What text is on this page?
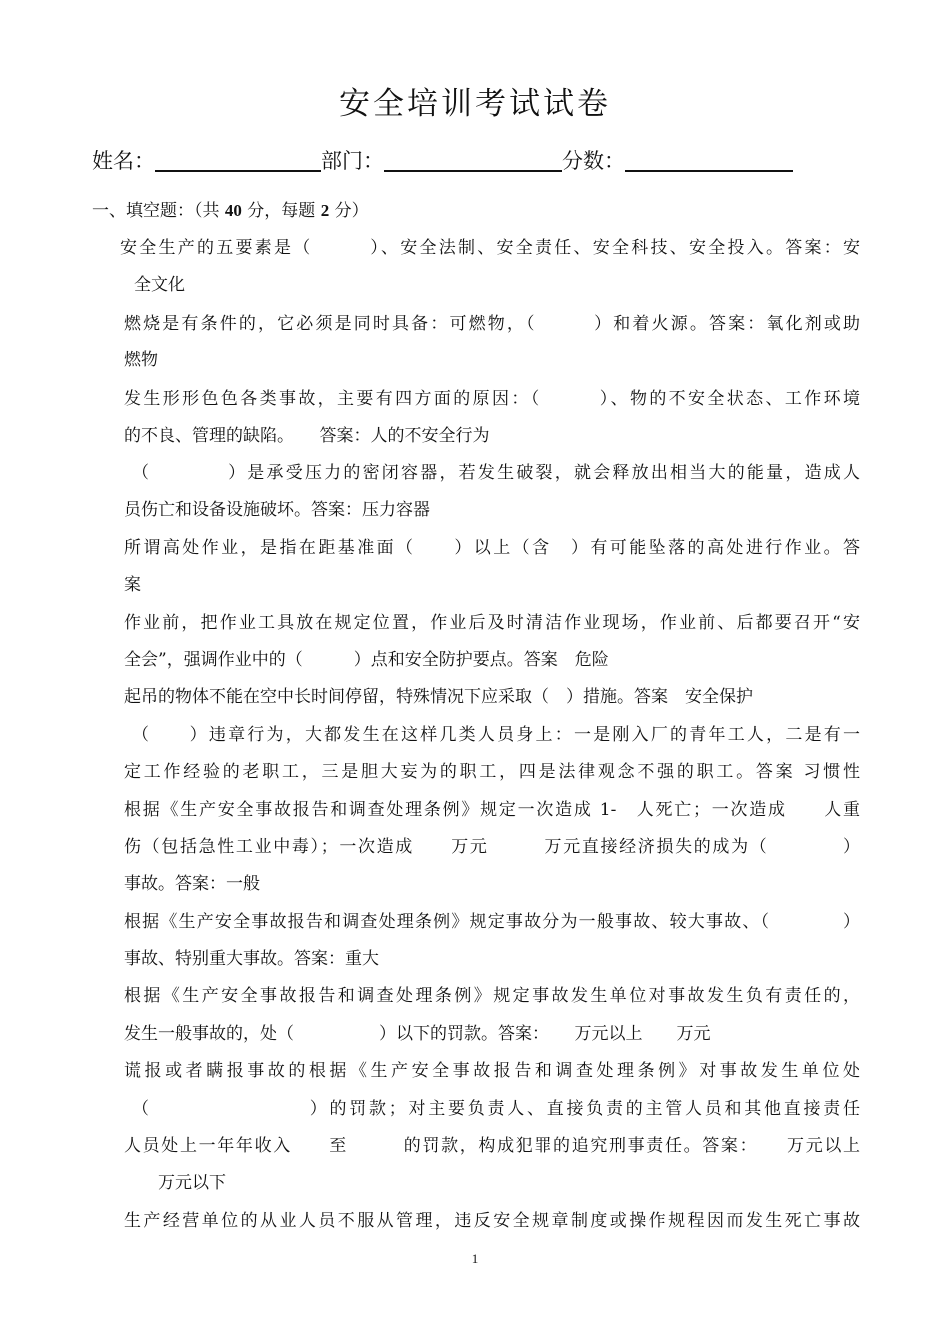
安全培训考试试卷
姓名：	部门：	分数：
一、填空题：（共 40 分，每题 2 分）
安全生产的五要素是（　　　）、安全法制、安全责任、安全科技、安全投入。答案：安
全文化
燃烧是有条件的，它必须是同时具备：可燃物，（　　　）和着火源。答案：氧化剂或助
燃物
发生形形色色各类事故，主要有四方面的原因：（　　　）、物的不安全状态、工作环境
的不良、管理的缺陷。　　答案：人的不安全行为
（　　　　）是承受压力的密闭容器，若发生破裂，就会释放出相当大的能量，造成人
员伤亡和设备设施破坏。答案：压力容器
所谓高处作业，是指在距基准面（　　）以上（含　）有可能坠落的高处进行作业。答
案
作业前，把作业工具放在规定位置，作业后及时清洁作业现场，作业前、后都要召开“安
全会”，强调作业中的（　　　）点和安全防护要点。答案　危险
起吊的物体不能在空中长时间停留，特殊情况下应采取（　）措施。答案　安全保护
（　　）违章行为，大都发生在这样几类人员身上：一是刚入厂的青年工人，二是有一
定工作经验的老职工，三是胆大妄为的职工，四是法律观念不强的职工。答案 习惯性
根据《生产安全事故报告和调查处理条例》规定一次造成 1-　人死亡；一次造成　　人重
伤（包括急性工业中毒）；一次造成　　万元　　　万元直接经济损失的成为（　　　　）
事故。答案：一般
根据《生产安全事故报告和调查处理条例》规定事故分为一般事故、较大事故、（　　　　）
事故、特别重大事故。答案：重大
根据《生产安全事故报告和调查处理条例》规定事故发生单位对事故发生负有责任的，
发生一般事故的，处（　　　　　）以下的罚款。答案：　　万元以上　　万元
谎报或者瞒报事故的根据《生产安全事故报告和调查处理条例》对事故发生单位处
（　　　　　　　　）的罚款；对主要负责人、直接负责的主管人员和其他直接责任
人员处上一年年收入　　至　　　的罚款，构成犯罪的追究刑事责任。答案：　　万元以上
万元以下
生产经营单位的从业人员不服从管理，违反安全规章制度或操作规程因而发生死亡事故
1
